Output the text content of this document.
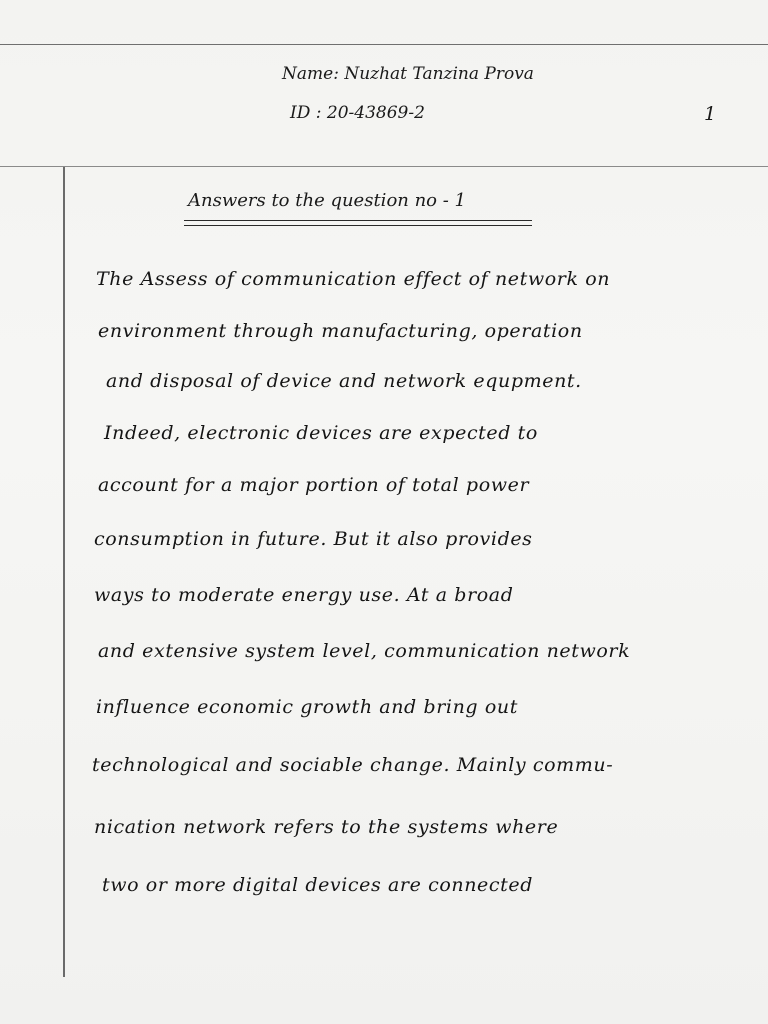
Name: Nuzhat Tanzina Prova
ID : 20-43869-2	1
Answers to the question no - 1
The Assess of communication effect of network on
environment through manufacturing, operation
and disposal of device and network equpment.
Indeed, electronic devices are expected to
account for a major portion of total power
consumption in future. But it also provides
ways to moderate energy use. At a broad
and extensive system level, communication network
influence economic growth and bring out
technological and sociable change. Mainly commu-
nication network refers to the systems where
two or more digital devices are connected
